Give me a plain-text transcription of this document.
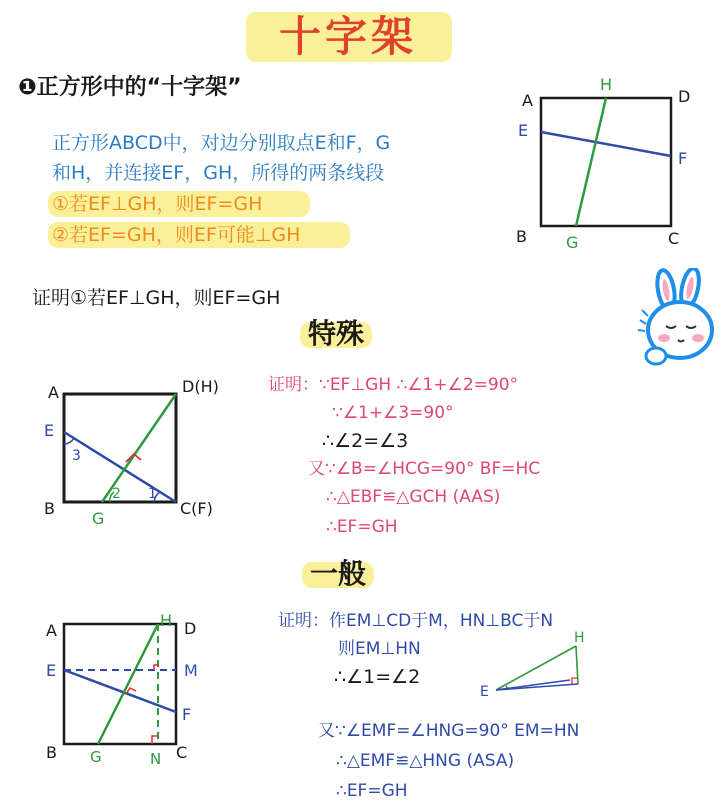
十字架
❶正方形中的“十字架”
正方形ABCD中，对边分别取点E和F，G
和H，并连接EF，GH，所得的两条线段
①若EF⊥GH，则EF=GH
②若EF=GH，则EF可能⊥GH
A	D
B	C
E
F
H
G
证明①若EF⊥GH，则EF=GH
特殊
A	D(H)
E
B	C(F)
G
3
2 1
证明：∵EF⊥GH ∴∠1+∠2=90°
∵∠1+∠3=90°
∴∠2=∠3
又∵∠B=∠HCG=90° BF=HC
∴△EBF≌△GCH (AAS)
∴EF=GH
一般
A
H D
E	M
F
B G	N C
证明：作EM⊥CD于M，HN⊥BC于N
则EM⊥HN
∴∠1=∠2
又∵∠EMF=∠HNG=90° EM=HN
∴△EMF≌△HNG (ASA)
∴EF=GH
H
E
